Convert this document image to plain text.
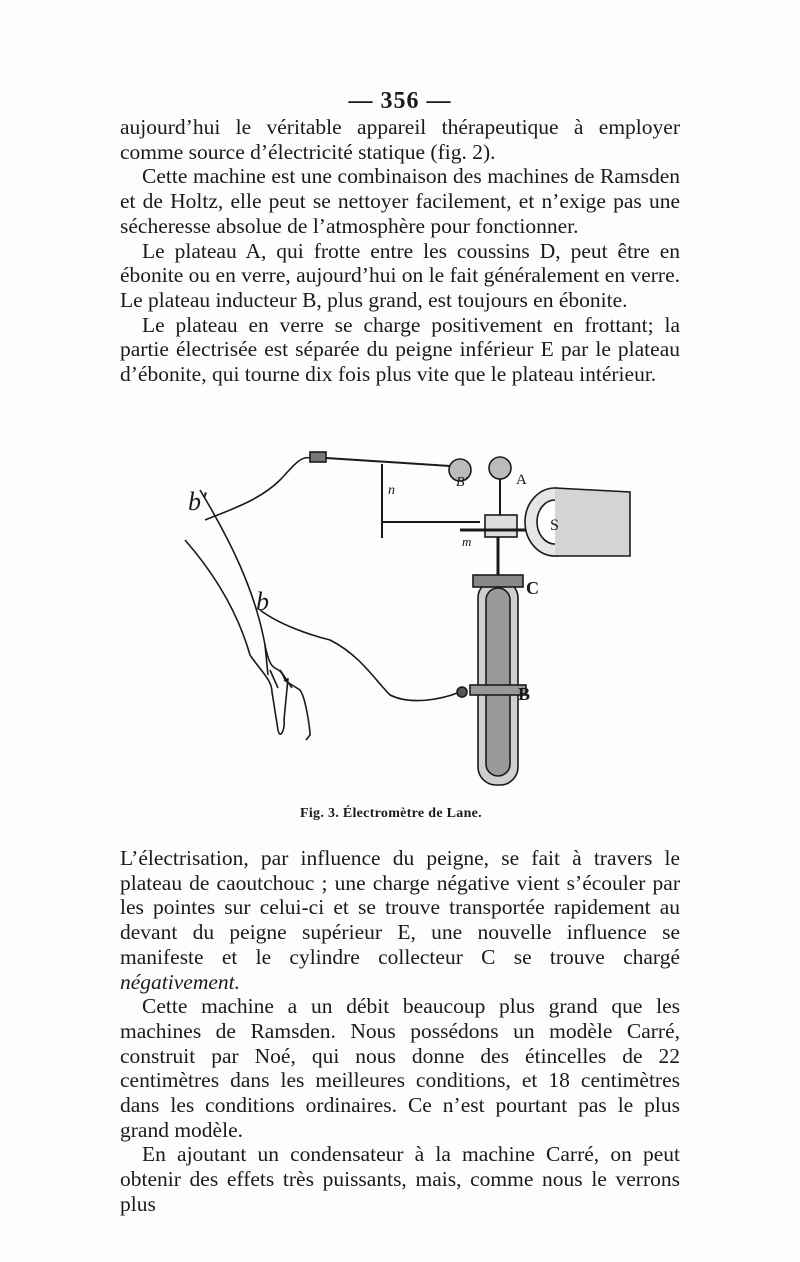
— 356 —

aujourd’hui le véritable appareil thérapeutique à employer comme source d’électricité statique (fig. 2).

Cette machine est une combinaison des machines de Ramsden et de Holtz, elle peut se nettoyer facilement, et n’exige pas une sécheresse absolue de l’atmosphère pour fonctionner.

Le plateau A, qui frotte entre les coussins D, peut être en ébonite ou en verre, aujourd’hui on le fait généralement en verre. Le plateau inducteur B, plus grand, est toujours en ébonite.

Le plateau en verre se charge positivement en frottant; la partie électrisée est séparée du peigne inférieur E par le plateau d’ébonite, qui tourne dix fois plus vite que le plateau intérieur.

b′
b
n
B′	A
m
S
C
B
Fig. 3. Électromètre de Lane.

L’électrisation, par influence du peigne, se fait à travers le plateau de caoutchouc ; une charge négative vient s’écouler par les pointes sur celui-ci et se trouve transportée rapidement au devant du peigne supérieur E, une nouvelle influence se manifeste et le cylindre collecteur C se trouve chargé négativement.

Cette machine a un débit beaucoup plus grand que les machines de Ramsden. Nous possédons un modèle Carré, construit par Noé, qui nous donne des étincelles de 22 centimètres dans les meilleures conditions, et 18 centimètres dans les conditions ordinaires. Ce n’est pourtant pas le plus grand modèle.

En ajoutant un condensateur à la machine Carré, on peut obtenir des effets très puissants, mais, comme nous le verrons plus
